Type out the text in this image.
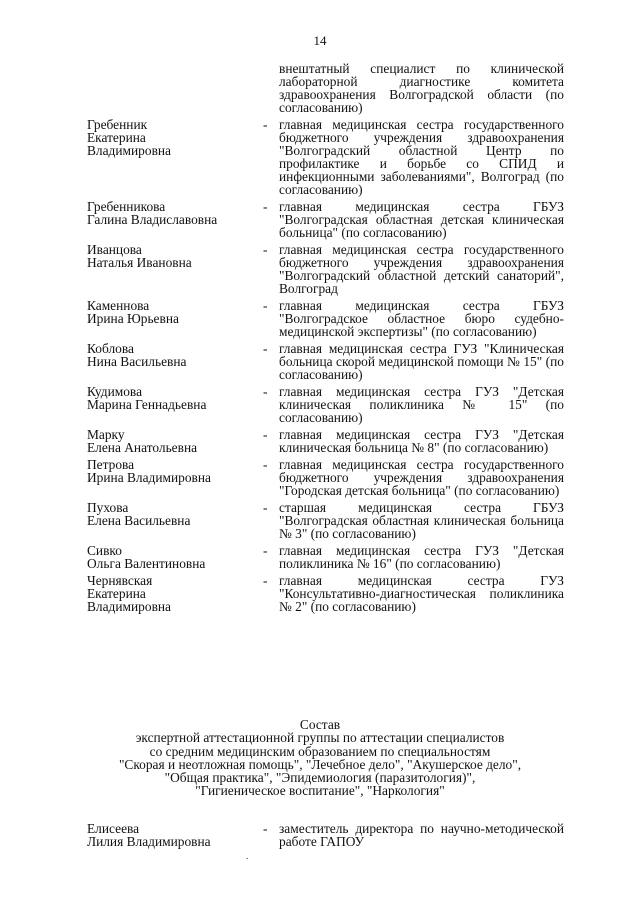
14
внештатный специалист по клинической лабораторной диагностике комитета здравоохранения Волгоградской области (по согласованию)
Гребенник
Екатерина
Владимировна
- главная медицинская сестра государственного бюджетного учреждения здравоохранения "Волгоградский областной Центр по профилактике и борьбе со СПИД и инфекционными заболеваниями", Волгоград (по согласованию)
Гребенникова
Галина Владиславовна
- главная медицинская сестра ГБУЗ "Волгоградская областная детская клиническая больница" (по согласованию)
Иванцова
Наталья Ивановна
- главная медицинская сестра государственного бюджетного учреждения здравоохранения "Волгоградский областной детский санаторий", Волгоград
Каменнова
Ирина Юрьевна
- главная медицинская сестра ГБУЗ "Волгоградское областное бюро судебно-медицинской экспертизы" (по согласованию)
Коблова
Нина Васильевна
- главная медицинская сестра ГУЗ "Клиническая больница скорой медицинской помощи № 15" (по согласованию)
Кудимова
Марина Геннадьевна
- главная медицинская сестра ГУЗ "Детская клиническая поликлиника № 15" (по согласованию)
Марку
Елена Анатольевна
- главная медицинская сестра ГУЗ "Детская клиническая больница № 8" (по согласованию)
Петрова
Ирина Владимировна
- главная медицинская сестра государственного бюджетного учреждения здравоохранения "Городская детская больница" (по согласованию)
Пухова
Елена Васильевна
- старшая медицинская сестра ГБУЗ "Волгоградская областная клиническая больница № 3" (по согласованию)
Сивко
Ольга Валентиновна
- главная медицинская сестра ГУЗ "Детская поликлиника № 16" (по согласованию)
Чернявская
Екатерина
Владимировна
- главная медицинская сестра ГУЗ "Консультативно-диагностическая поликлиника № 2" (по согласованию)
Состав
экспертной аттестационной группы по аттестации специалистов
со средним медицинским образованием по специальностям
"Скорая и неотложная помощь", "Лечебное дело", "Акушерское дело",
"Общая практика", "Эпидемиология (паразитология)",
"Гигиеническое воспитание", "Наркология"
Елисеева
Лилия Владимировна
- заместитель директора по научно-методической работе ГАПОУ
.
